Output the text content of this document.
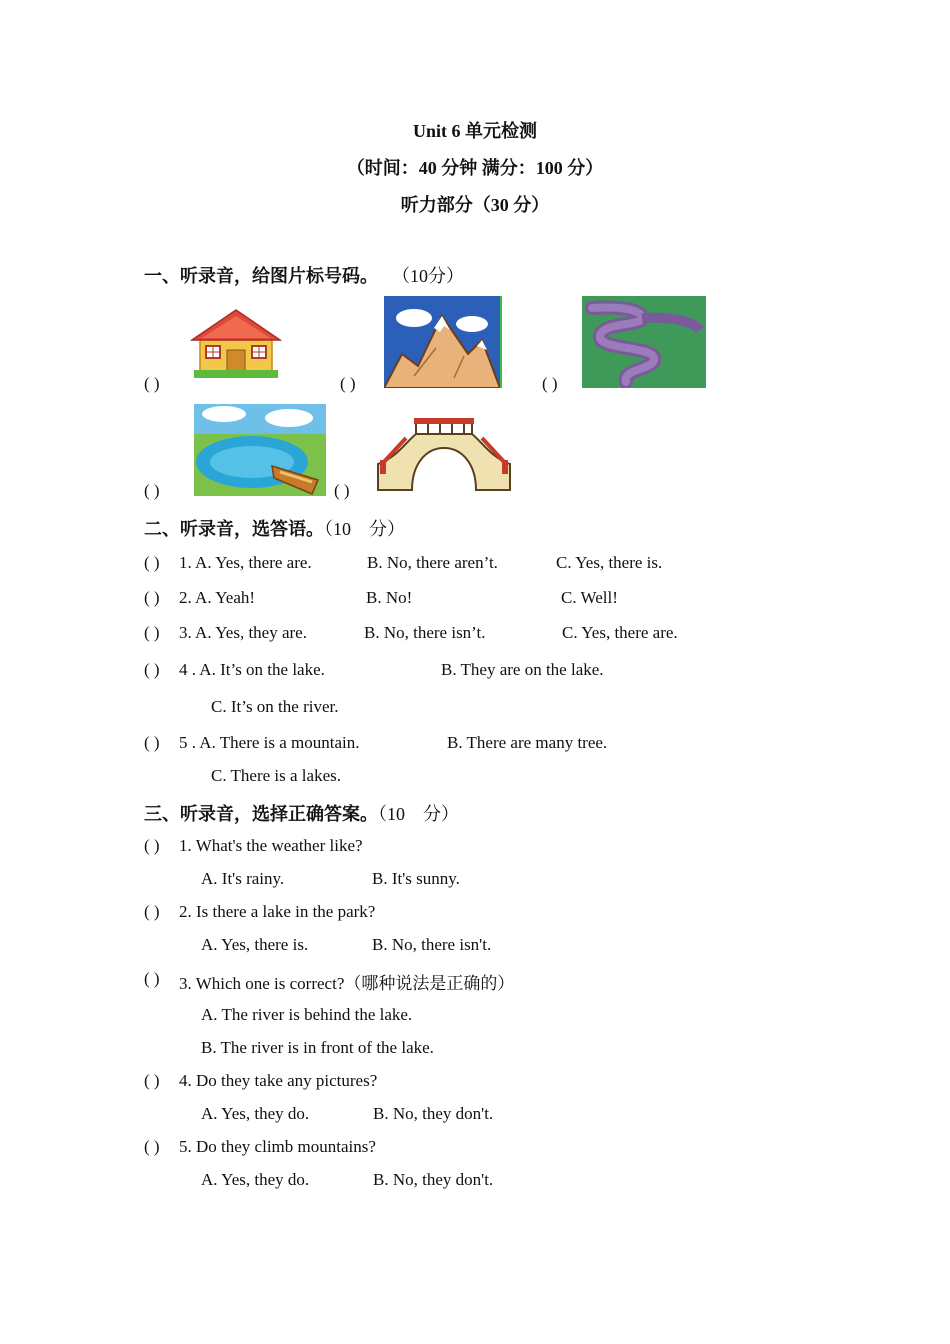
Unit 6 单元检测
（时间：40 分钟 满分：100 分）
听力部分（30 分）
一、听录音，给图片标号码。 （10分）
( )	( )	( )
( )	( )
二、听录音，选答语。（10　分）
( ) 1. A. Yes, there are.	B. No, there aren’t.	C. Yes, there is.
( ) 2. A. Yeah!	B. No!	C. Well!
( ) 3. A. Yes, they are.	B. No, there isn’t.	C. Yes, there are.
( ) 4 . A. It’s on the lake.	B. They are on the lake.
C. It’s on the river.
( ) 5 . A. There is a mountain.	B. There are many tree.
C. There is a lakes.
三、听录音，选择正确答案。（10　分）
( ) 1. What's the weather like?
A. It's rainy.	B. It's sunny.
( ) 2. Is there a lake in the park?
A. Yes, there is.	B. No, there isn't.
( ) 3. Which one is correct?（哪种说法是正确的）
A. The river is behind the lake.
B. The river is in front of the lake.
( ) 4. Do they take any pictures?
A. Yes, they do.	B. No, they don't.
( ) 5. Do they climb mountains?
A. Yes, they do.	B. No, they don't.
